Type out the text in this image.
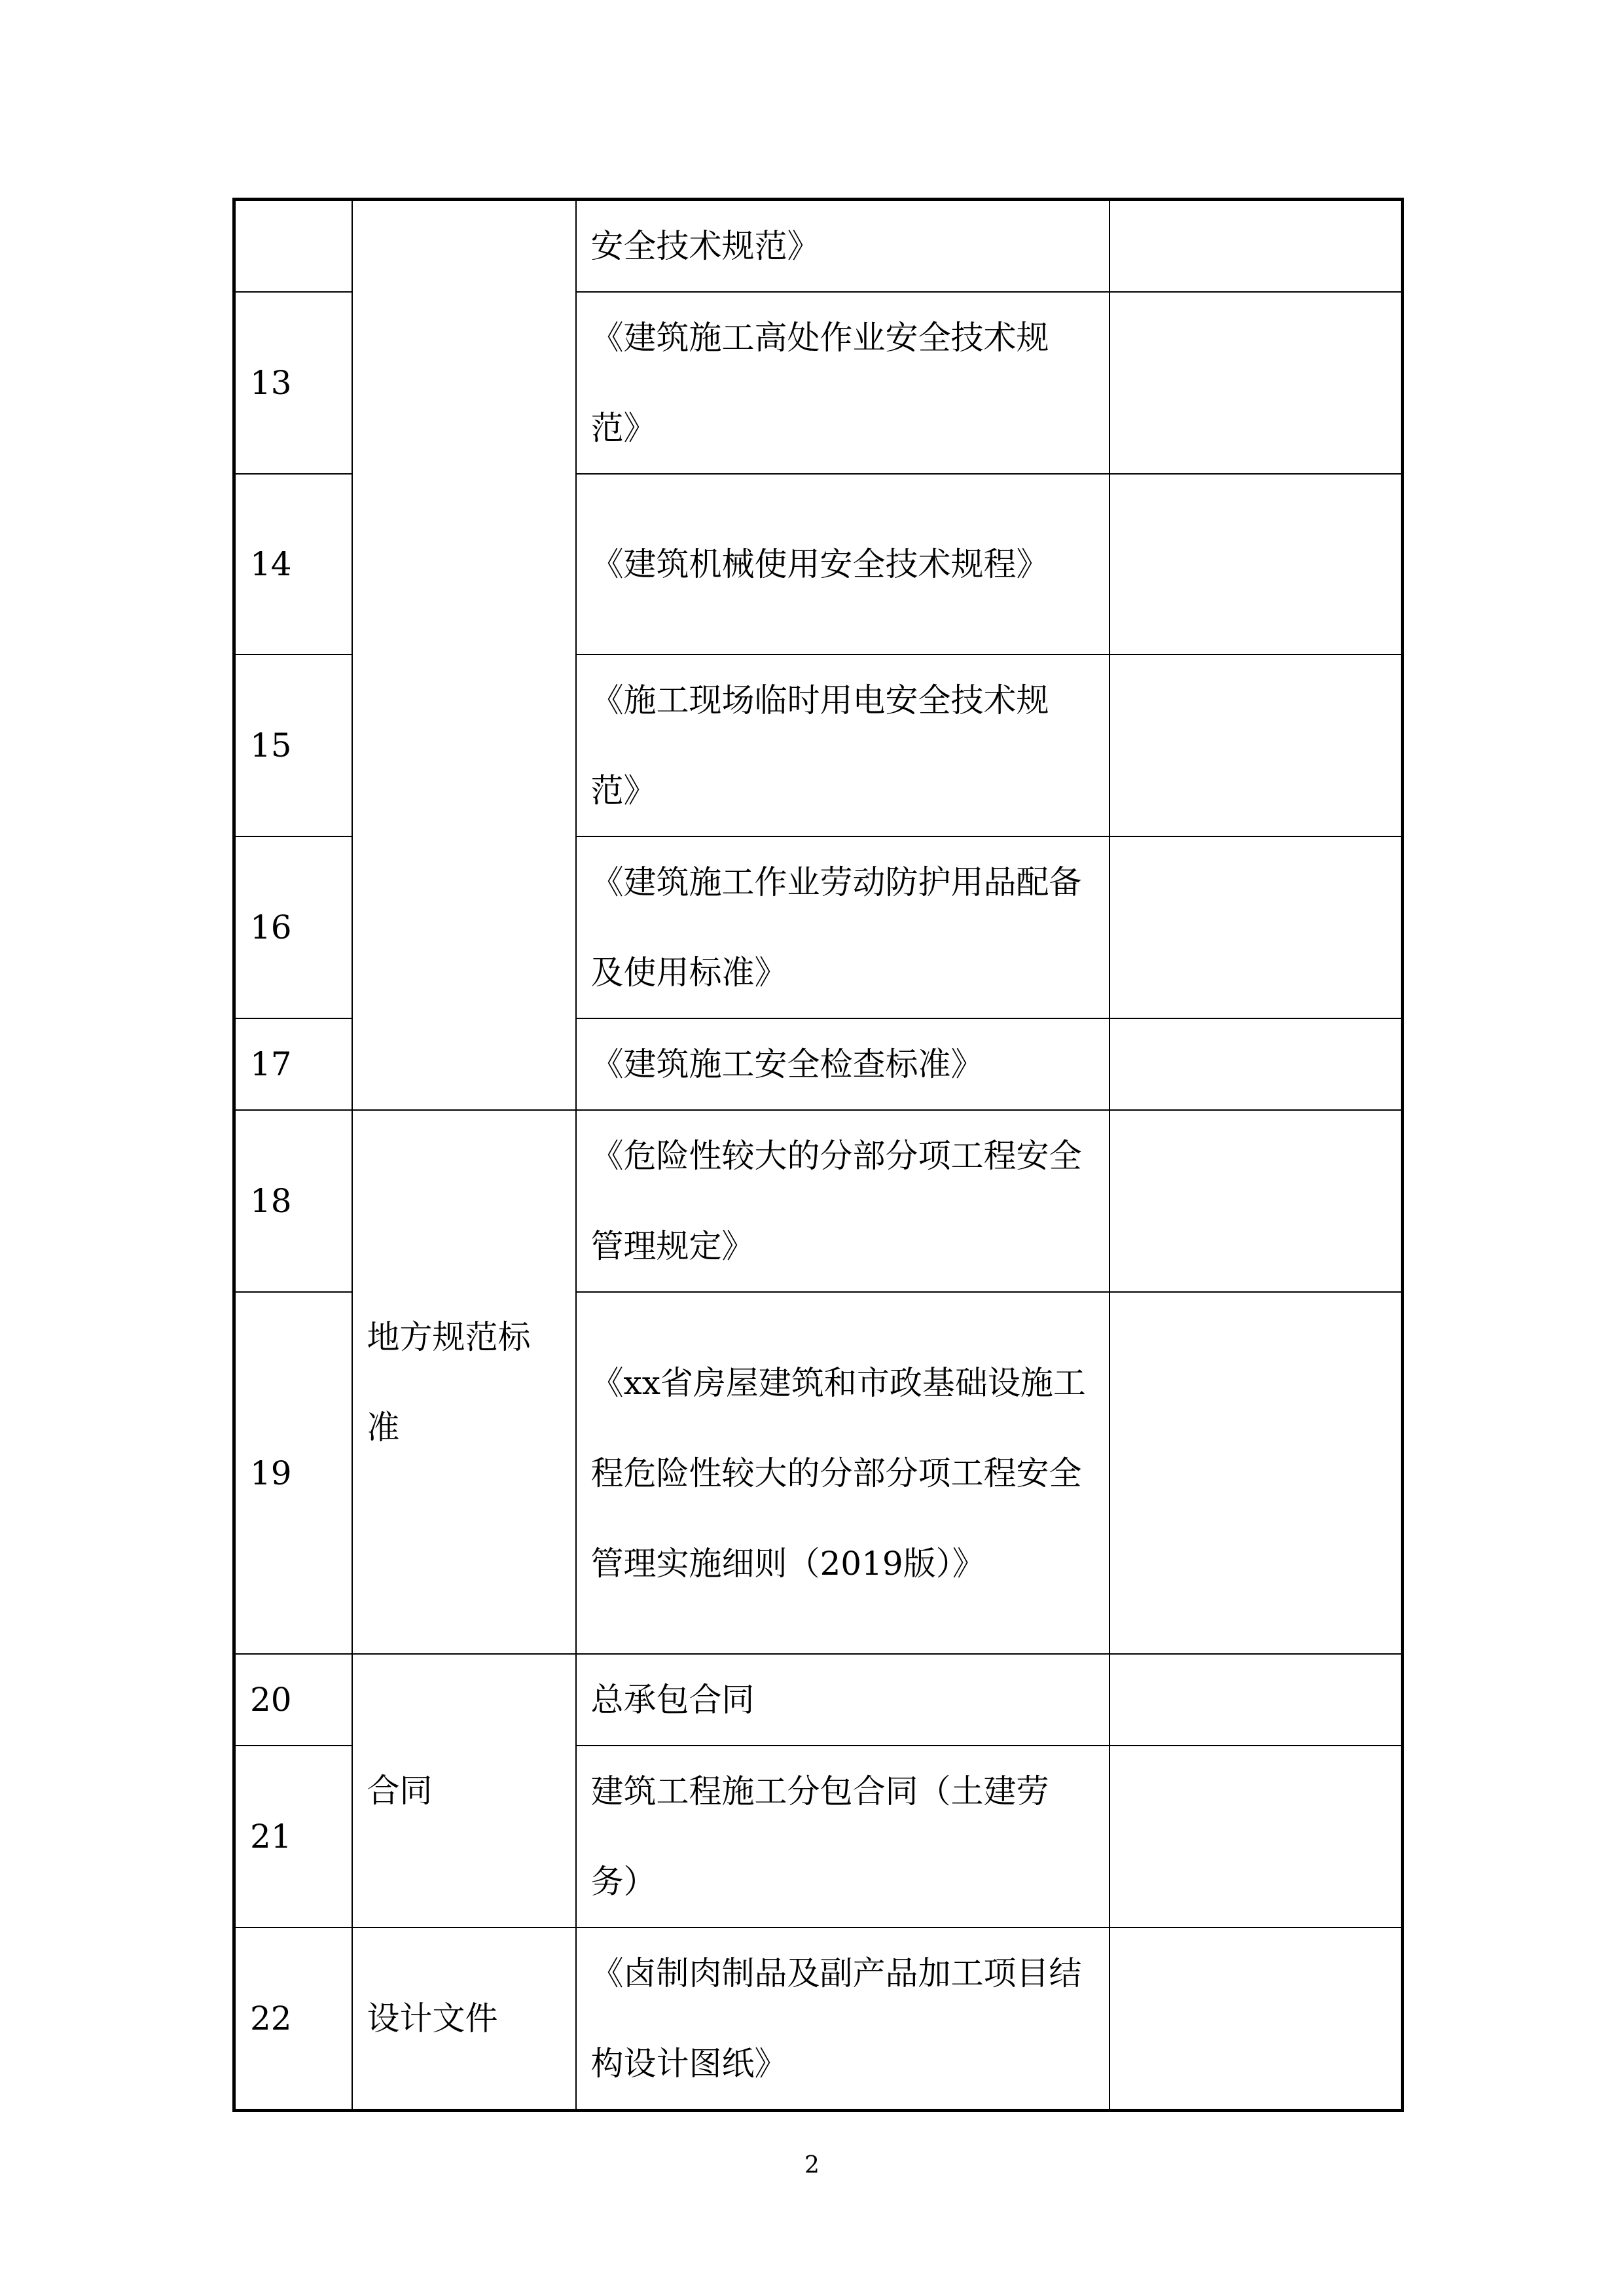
		安全技术规范》	
13		《建筑施工高处作业安全技术规范》	
14		《建筑机械使用安全技术规程》	
15		《施工现场临时用电安全技术规范》	
16		《建筑施工作业劳动防护用品配备及使用标准》	
17		《建筑施工安全检查标准》	
18	地方规范标准	《危险性较大的分部分项工程安全管理规定》	
19		《xx省房屋建筑和市政基础设施工程危险性较大的分部分项工程安全管理实施细则（2019版）》	
20	合同	总承包合同	
21		建筑工程施工分包合同（土建劳务）	
22	设计文件	《卤制肉制品及副产品加工项目结构设计图纸》	
2
